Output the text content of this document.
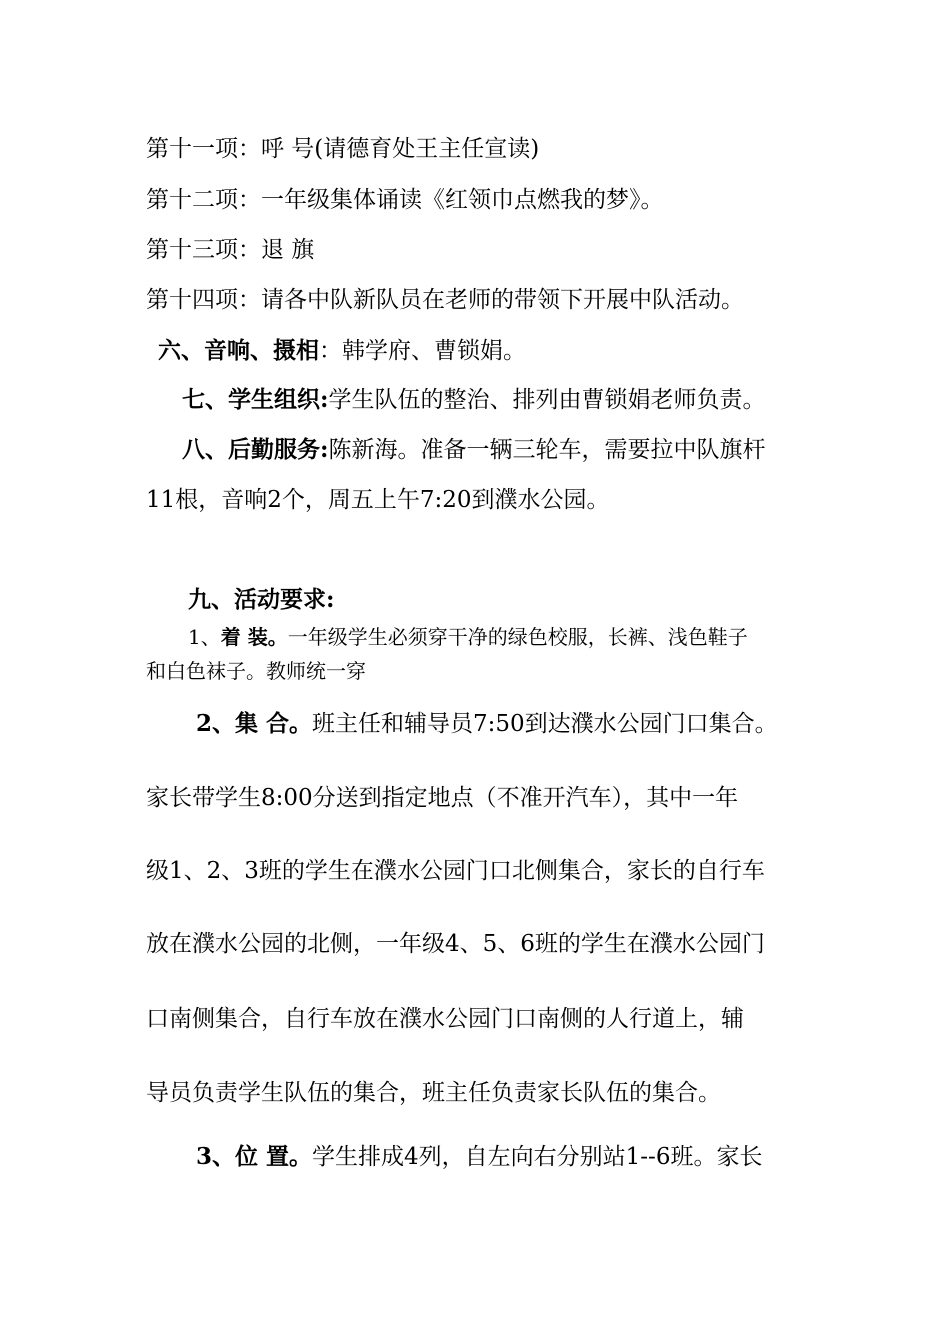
第十一项：呼 号(请德育处王主任宣读)
第十二项：一年级集体诵读《红领巾点燃我的梦》。
第十三项：退 旗
第十四项：请各中队新队员在老师的带领下开展中队活动。
六、音响、摄相：韩学府、曹锁娟。
七、学生组织:学生队伍的整治、排列由曹锁娟老师负责。
八、后勤服务:陈新海。准备一辆三轮车，需要拉中队旗杆
11根，音响2个，周五上午7:20到濮水公园。
九、活动要求:
1、着 装。一年级学生必须穿干净的绿色校服，长裤、浅色鞋子
和白色袜子。教师统一穿
2、集 合。班主任和辅导员7:50到达濮水公园门口集合。
家长带学生8:00分送到指定地点（不准开汽车），其中一年
级1、2、3班的学生在濮水公园门口北侧集合，家长的自行车
放在濮水公园的北侧，一年级4、5、6班的学生在濮水公园门
口南侧集合，自行车放在濮水公园门口南侧的人行道上，辅
导员负责学生队伍的集合，班主任负责家长队伍的集合。
3、位 置。学生排成4列，自左向右分别站1--6班。家长
